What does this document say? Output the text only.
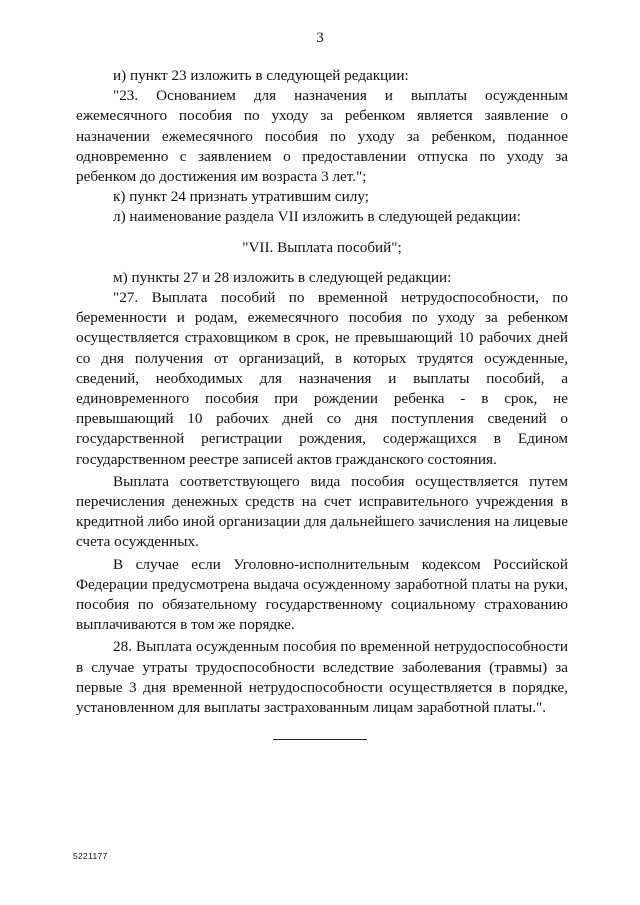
3

и) пункт 23 изложить в следующей редакции:

"23. Основанием для назначения и выплаты осужденным ежемесячного пособия по уходу за ребенком является заявление о назначении ежемесячного пособия по уходу за ребенком, поданное одновременно с заявлением о предоставлении отпуска по уходу за ребенком до достижения им возраста 3 лет.";

к) пункт 24 признать утратившим силу;

л) наименование раздела VII изложить в следующей редакции:

"VII. Выплата пособий";

м) пункты 27 и 28 изложить в следующей редакции:

"27. Выплата пособий по временной нетрудоспособности, по беременности и родам, ежемесячного пособия по уходу за ребенком осуществляется страховщиком в срок, не превышающий 10 рабочих дней со дня получения от организаций, в которых трудятся осужденные, сведений, необходимых для назначения и выплаты пособий, а единовременного пособия при рождении ребенка - в срок, не превышающий 10 рабочих дней со дня поступления сведений о государственной регистрации рождения, содержащихся в Едином государственном реестре записей актов гражданского состояния.

Выплата соответствующего вида пособия осуществляется путем перечисления денежных средств на счет исправительного учреждения в кредитной либо иной организации для дальнейшего зачисления на лицевые счета осужденных.

В случае если Уголовно-исполнительным кодексом Российской Федерации предусмотрена выдача осужденному заработной платы на руки, пособия по обязательному государственному социальному страхованию выплачиваются в том же порядке.

28. Выплата осужденным пособия по временной нетрудоспособности в случае утраты трудоспособности вследствие заболевания (травмы) за первые 3 дня временной нетрудоспособности осуществляется в порядке, установленном для выплаты застрахованным лицам заработной платы.".

5221177
